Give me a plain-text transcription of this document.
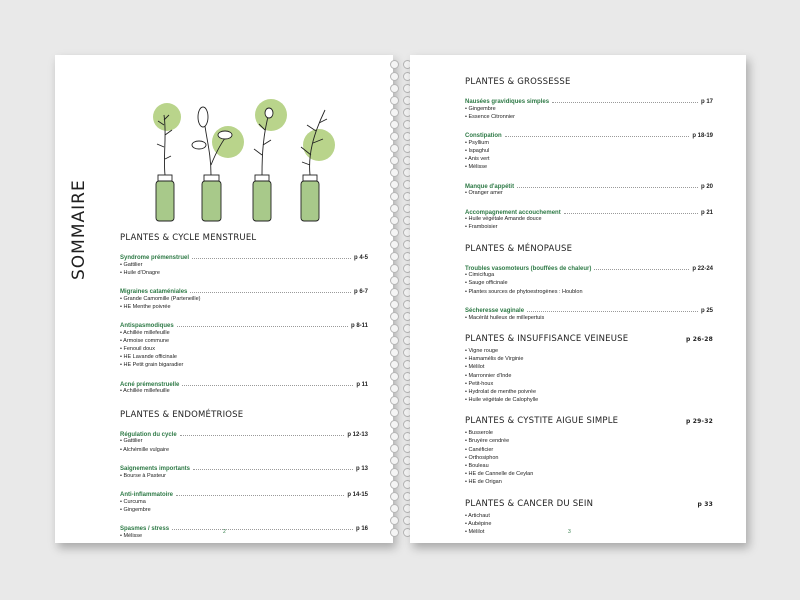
SOMMAIRE	PLANTES & CYCLE MENSTRUEL
Syndrome prémenstruel	p 4-5
• Gattilier
• Huile d'Onagre
Migraines cataméniales	p 6-7
• Grande Camomille (Parteneille)
• HE Menthe poivrée
Antispasmodiques	p 8-11
• Achillée millefeuille
• Armoise commune
• Fenouil doux
• HE Lavande officinale
• HE Petit grain bigaradier
Acné prémenstruelle	p 11
• Achillée millefeuille
PLANTES & ENDOMÉTRIOSE
Régulation du cycle	p 12-13
• Gattilier
• Alchémille vulgaire
Saignements importants	p 13
• Bourse à Pasteur
Anti-inflammatoire	p 14-15
• Curcuma
• Gingembre
Spasmes / stress	p 16
• Mélisse
2
PLANTES & GROSSESSE
Nausées gravidiques simples	p 17
• Gingembre
• Essence Citronnier
Constipation	p 18-19
• Psyllium
• Ispaghul
• Anis vert
• Mélisse
Manque d'appétit	p 20
• Oranger amer
Accompagnement accouchement	p 21
• Huile végétale Amande douce
• Framboisier
PLANTES & MÉNOPAUSE
Troubles vasomoteurs (bouffées de chaleur)	p 22-24
• Cimicifuga
• Sauge officinale
• Plantes sources de phytoestrogènes : Houblon
Sécheresse vaginale	p 25
• Macérât huileux de millepertuis
PLANTES & INSUFFISANCE VEINEUSE	p 26-28
• Vigne rouge
• Hamamélis de Virginie
• Mélilot
• Marronnier d'Inde
• Petit-houx
• Hydrolat de menthe poivrée
• Huile végétale de Calophylle
PLANTES & CYSTITE AIGUE SIMPLE	p 29-32
• Busserole
• Bruyère cendrée
• Canéficier
• Orthosiphon
• Bouleau
• HE de Cannelle de Ceylan
• HE de Origan
PLANTES & CANCER DU SEIN	p 33
• Artichaut
• Aubépine
• Mélilot	3
